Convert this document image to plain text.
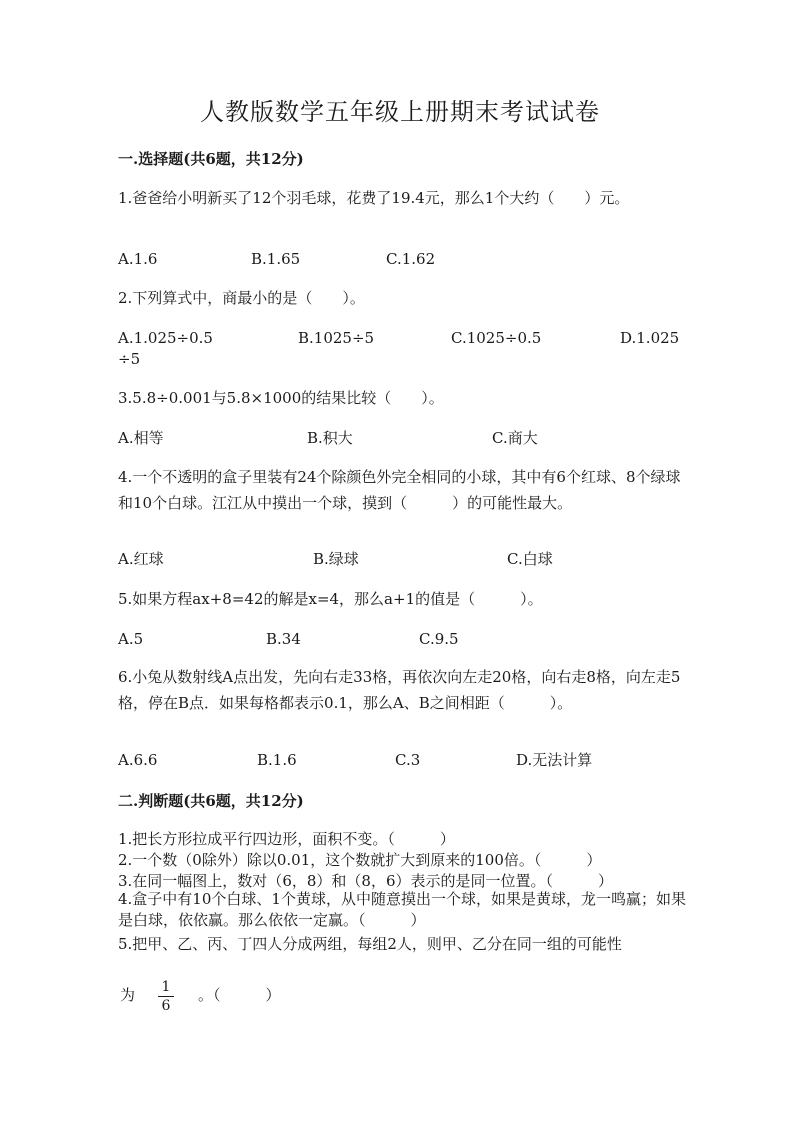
人教版数学五年级上册期末考试试卷
一.选择题(共6题，共12分)
1.爸爸给小明新买了12个羽毛球，花费了19.4元，那么1个大约（　　）元。
A.1.6	B.1.65	C.1.62
2.下列算式中，商最小的是（　　）。
A.1.025÷0.5	B.1025÷5	C.1025÷0.5	D.1.025
÷5
3.5.8÷0.001与5.8×1000的结果比较（　　）。
A.相等	B.积大	C.商大
4.一个不透明的盒子里装有24个除颜色外完全相同的小球，其中有6个红球、8个绿球和10个白球。江江从中摸出一个球，摸到（　　　）的可能性最大。
A.红球	B.绿球	C.白球
5.如果方程ax+8=42的解是x=4，那么a+1的值是（　　　）。
A.5	B.34	C.9.5
6.小兔从数射线A点出发，先向右走33格，再依次向左走20格，向右走8格，向左走5格，停在B点．如果每格都表示0.1，那么A、B之间相距（　　　）。
A.6.6	B.1.6	C.3	D.无法计算
二.判断题(共6题，共12分)
1.把长方形拉成平行四边形，面积不变。（　　　）
2.一个数（0除外）除以0.01，这个数就扩大到原来的100倍。（　　　）
3.在同一幅图上，数对（6，8）和（8，6）表示的是同一位置。（　　　）
4.盒子中有10个白球、1个黄球，从中随意摸出一个球，如果是黄球，龙一鸣赢；如果是白球，依依赢。那么依依一定赢。（　　　）
5.把甲、乙、丙、丁四人分成两组，每组2人，则甲、乙分在同一组的可能性
为 1
6
。（　　　）
